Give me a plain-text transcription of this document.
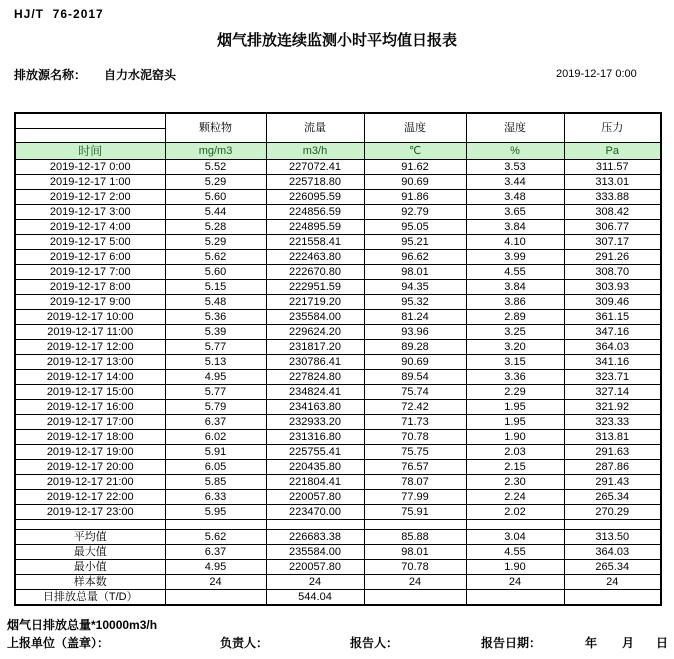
HJ/T  76-2017
烟气排放连续监测小时平均值日报表
排放源名称： 自力水泥窑头	2019-12-17 0:00
	颗粒物	流量	温度	湿度	压力

时间	mg/m3	m3/h	℃	%	Pa
2019-12-17 0:00	5.52	227072.41	91.62	3.53	311.57
2019-12-17 1:00	5.29	225718.80	90.69	3.44	313.01
2019-12-17 2:00	5.60	226095.59	91.86	3.48	333.88
2019-12-17 3:00	5.44	224856.59	92.79	3.65	308.42
2019-12-17 4:00	5.28	224895.59	95.05	3.84	306.77
2019-12-17 5:00	5.29	221558.41	95.21	4.10	307.17
2019-12-17 6:00	5.62	222463.80	96.62	3.99	291.26
2019-12-17 7:00	5.60	222670.80	98.01	4.55	308.70
2019-12-17 8:00	5.15	222951.59	94.35	3.84	303.93
2019-12-17 9:00	5.48	221719.20	95.32	3.86	309.46
2019-12-17 10:00	5.36	235584.00	81.24	2.89	361.15
2019-12-17 11:00	5.39	229624.20	93.96	3.25	347.16
2019-12-17 12:00	5.77	231817.20	89.28	3.20	364.03
2019-12-17 13:00	5.13	230786.41	90.69	3.15	341.16
2019-12-17 14:00	4.95	227824.80	89.54	3.36	323.71
2019-12-17 15:00	5.77	234824.41	75.74	2.29	327.14
2019-12-17 16:00	5.79	234163.80	72.42	1.95	321.92
2019-12-17 17:00	6.37	232933.20	71.73	1.95	323.33
2019-12-17 18:00	6.02	231316.80	70.78	1.90	313.81
2019-12-17 19:00	5.91	225755.41	75.75	2.03	291.63
2019-12-17 20:00	6.05	220435.80	76.57	2.15	287.86
2019-12-17 21:00	5.85	221804.41	78.07	2.30	291.43
2019-12-17 22:00	6.33	220057.80	77.99	2.24	265.34
2019-12-17 23:00	5.95	223470.00	75.91	2.02	270.29

平均值	5.62	226683.38	85.88	3.04	313.50
最大值	6.37	235584.00	98.01	4.55	364.03
最小值	4.95	220057.80	70.78	1.90	265.34
样本数	24	24	24	24	24
日排放总量（T/D）		544.04			
烟气日排放总量*10000m3/h
上报单位（盖章）：	负责人：	报告人：	报告日期：	年 月 日
